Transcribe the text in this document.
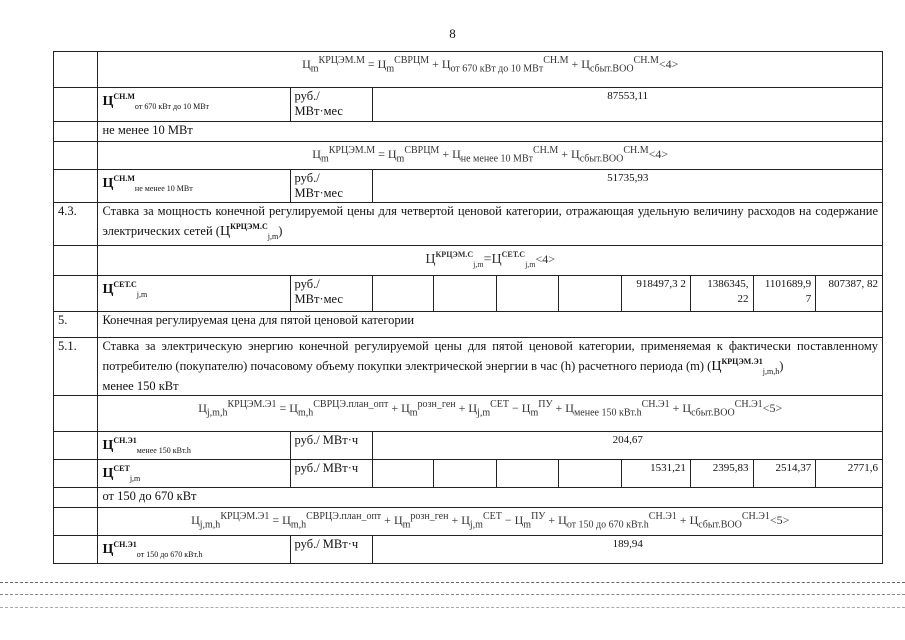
8
	$Ц_m^{КРЦЭМ.М} = Ц_m^{СВРЦМ} + Ц_{от 670 кВт до 10 МВт}^{СН.М} + Ц_{сбыт.ВОО}^{СН.М}<4>$									
	$Ц^{СН.М}_{от 670 кВт до 10 МВт}$	руб./ МВт·мес	87553,11							
	не менее 10 МВт									
	$Ц_m^{КРЦЭМ.М} = Ц_m^{СВРЦМ} + Ц_{не менее 10 МВт}^{СН.М} + Ц_{сбыт.ВОО}^{СН.М}<4>$									
	$Ц^{СН.М}_{не менее 10 МВт}$	руб./ МВт·мес	51735,93							
4.3.	Ставка за мощность конечной регулируемой цены для четвертой ценовой категории, отражающая удельную величину расходов на содержание электрических сетей $(Ц^{КРЦЭМ.С}_{j,m})$									
	$Ц^{КРЦЭМ.С}_{j,m}=Ц^{СЕТ.С}_{j,m}<4>$									
	$Ц^{СЕТ.С}_{j,m}$	руб./ МВт·мес					918497,3 2	1386345, 22	1101689,9 7	807387, 82
5.	Конечная регулируемая цена для пятой ценовой категории									
5.1.	Ставка за электрическую энергию конечной регулируемой цены для пятой ценовой категории, применяемая к фактически поставленному потребителю (покупателю) почасовому объему покупки электрической энергии в час (h) расчетного периода (m) $(Ц^{КРЦЭМ.Э1}_{j,m,h})$
менее 150 кВт									
	$Ц_{j,m,h}^{КРЦЭМ.Э1} = Ц_{m,h}^{СВРЦЭ.план\_опт} + Ц_m^{розн\_ген} + Ц_{j,m}^{СЕТ} - Ц_m^{ПУ} + Ц_{менее 150 кВт.h}^{СН.Э1} + Ц_{сбыт.ВОО}^{СН.Э1}<5>$									
	$Ц^{СН.Э1}_{менее 150 кВт.h}$	руб./ МВт·ч	204,67							
	$Ц^{СЕТ}_{j,m}$	руб./ МВт·ч					1531,21	2395,83	2514,37	2771,6
	от 150 до 670 кВт									
	$Ц_{j,m,h}^{КРЦЭМ.Э1} = Ц_{m,h}^{СВРЦЭ.план\_опт} + Ц_m^{розн\_ген} + Ц_{j,m}^{СЕТ} - Ц_m^{ПУ} + Ц_{от 150 до 670 кВт.h}^{СН.Э1} + Ц_{сбыт.ВОО}^{СН.Э1}<5>$									
	$Ц^{СН.Э1}_{от 150 до 670 кВт.h}$	руб./ МВт·ч	189,94							
